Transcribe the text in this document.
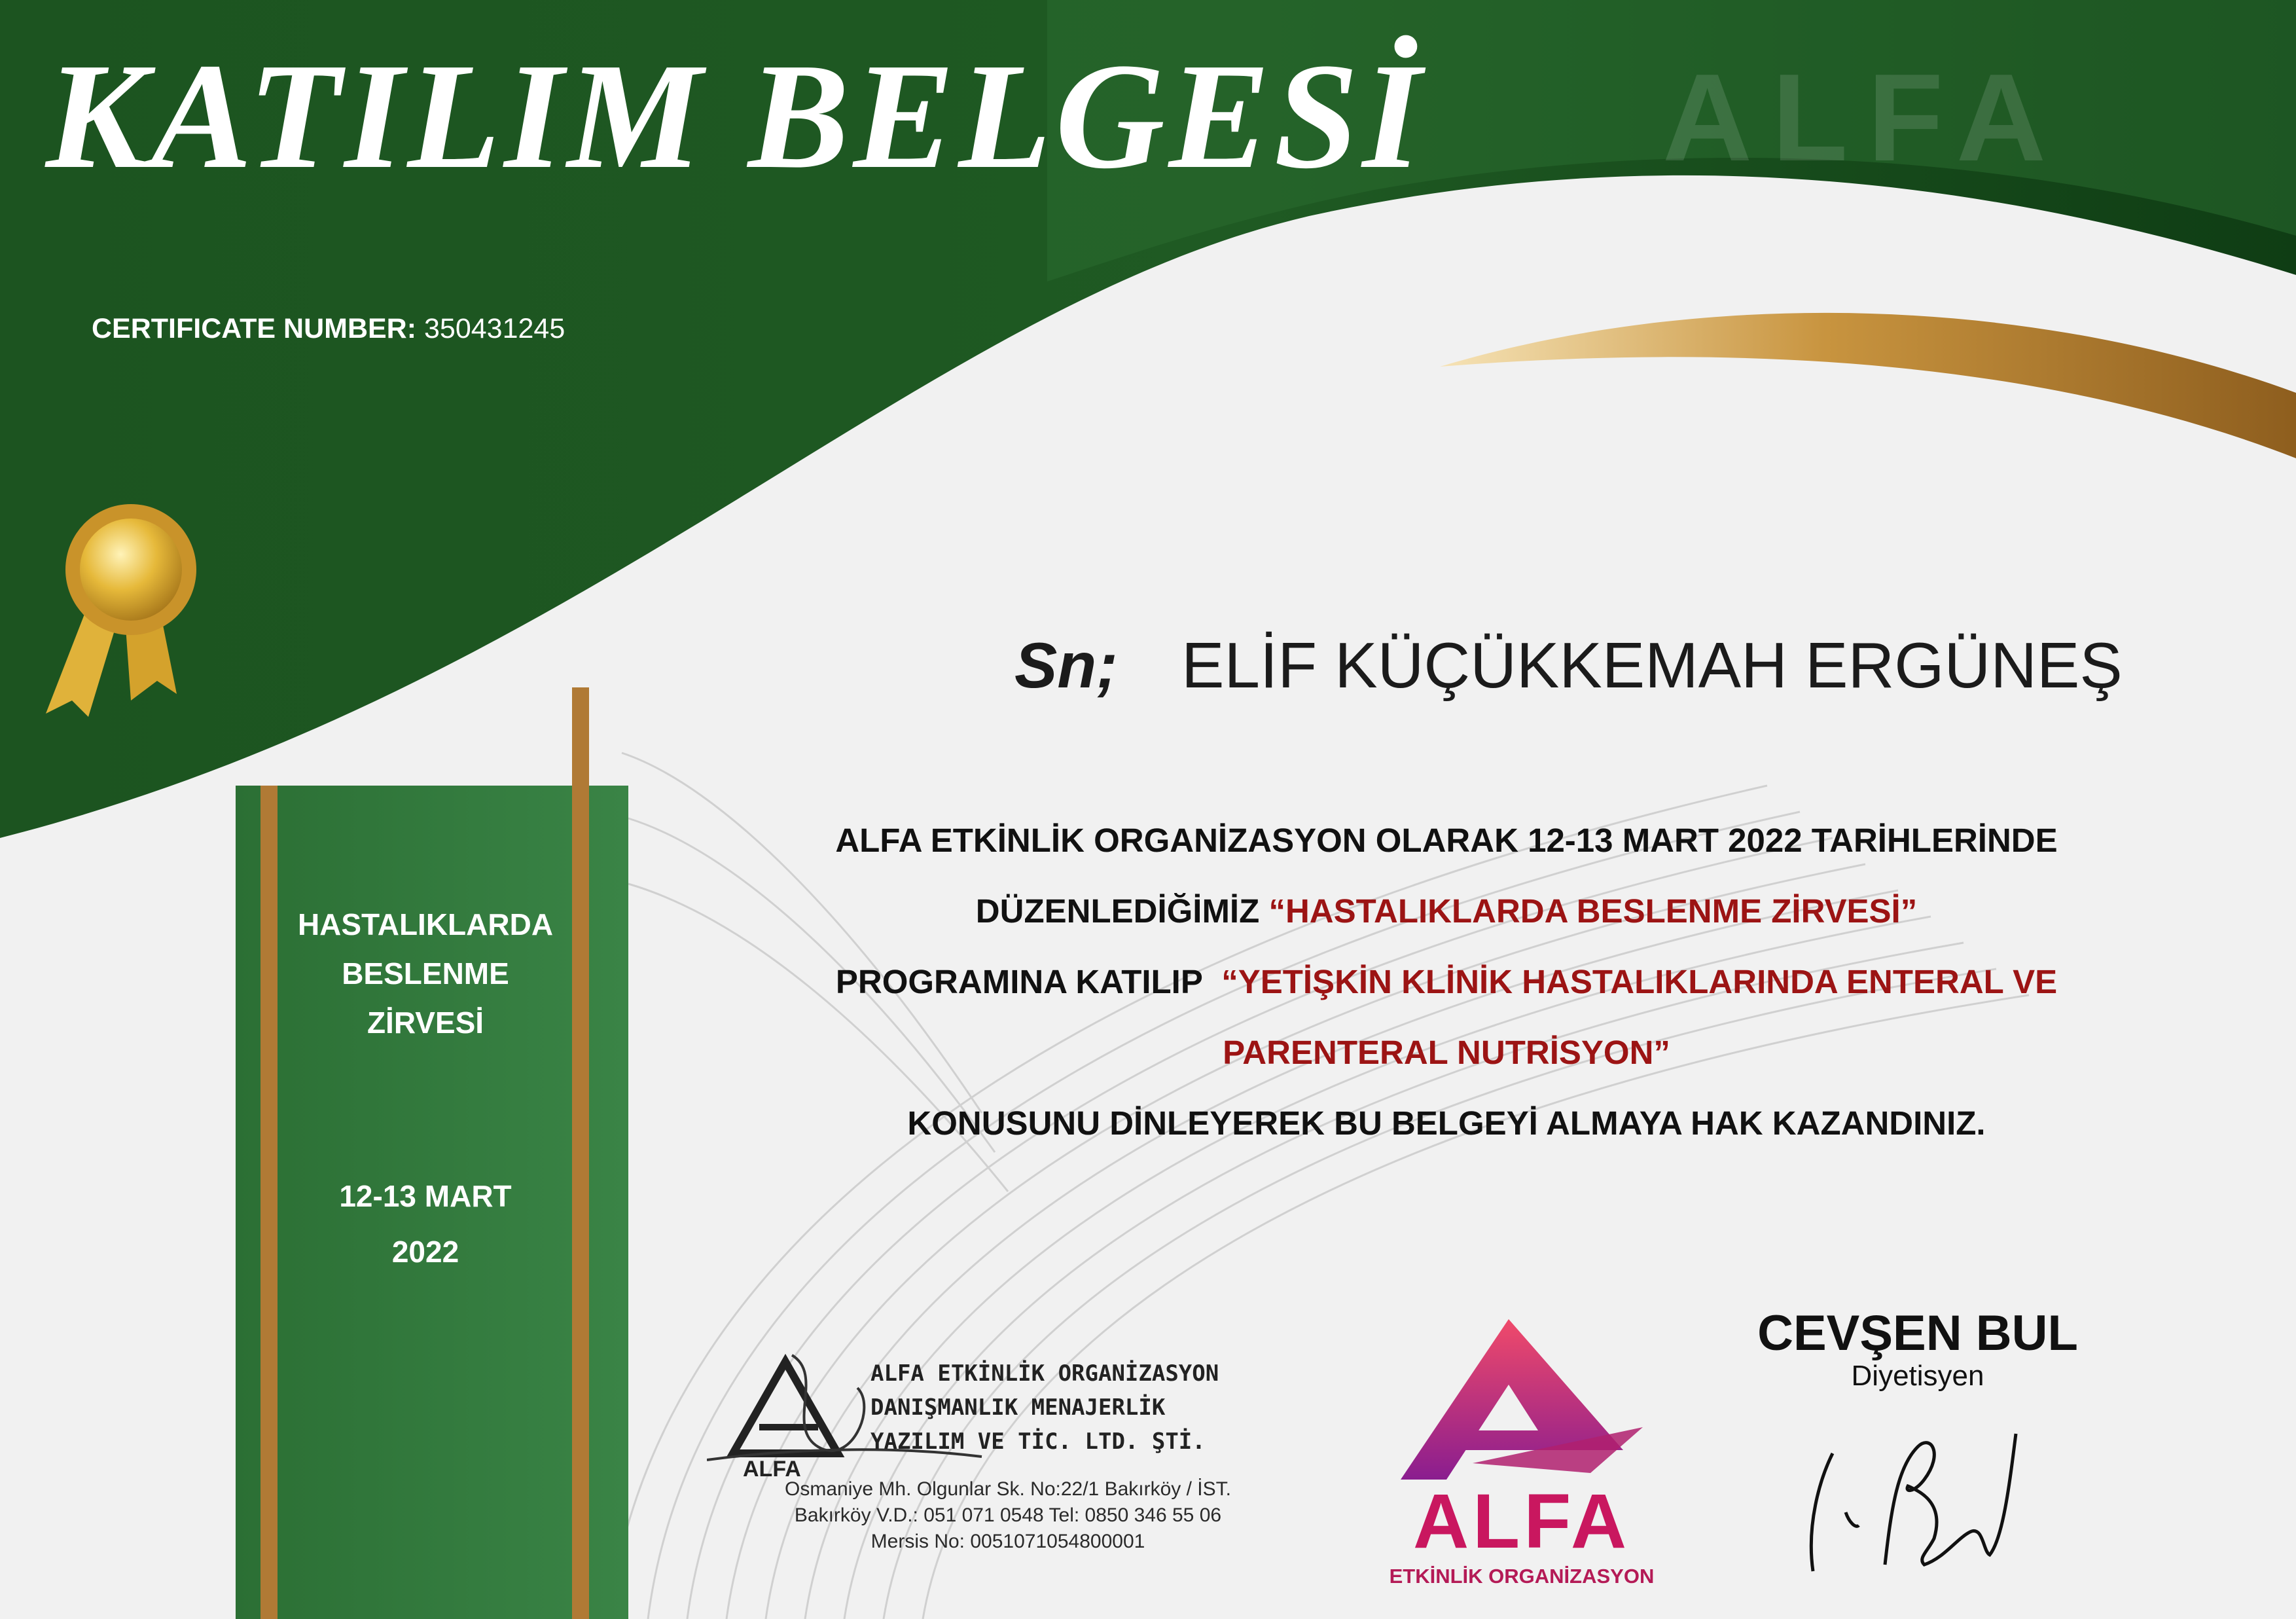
ALFA
KATILIM BELGESİ
CERTIFICATE NUMBER: 350431245
Sn; ELİF KÜÇÜKKEMAH ERGÜNEŞ
ALFA ETKİNLİK ORGANİZASYON OLARAK 12-13 MART 2022 TARİHLERİNDE
DÜZENLEDİĞİMİZ “HASTALIKLARDA BESLENME ZİRVESİ”
PROGRAMINA KATILIP “YETİŞKİN KLİNİK HASTALIKLARINDA ENTERAL VE
PARENTERAL NUTRİSYON”
KONUSUNU DİNLEYEREK BU BELGEYİ ALMAYA HAK KAZANDINIZ.
HASTALIKLARDA
BESLENME
ZİRVESİ
12-13 MART
2022
ALFA
ALFA ETKİNLİK ORGANİZASYON
DANIŞMANLIK MENAJERLİK
YAZILIM VE TİC. LTD. ŞTİ.
Osmaniye Mh. Olgunlar Sk. No:22/1 Bakırköy / İST.
Bakırköy V.D.: 051 071 0548 Tel: 0850 346 55 06
Mersis No: 0051071054800001	ALFA
ETKİNLİK ORGANİZASYON
CEVŞEN BUL
Diyetisyen
